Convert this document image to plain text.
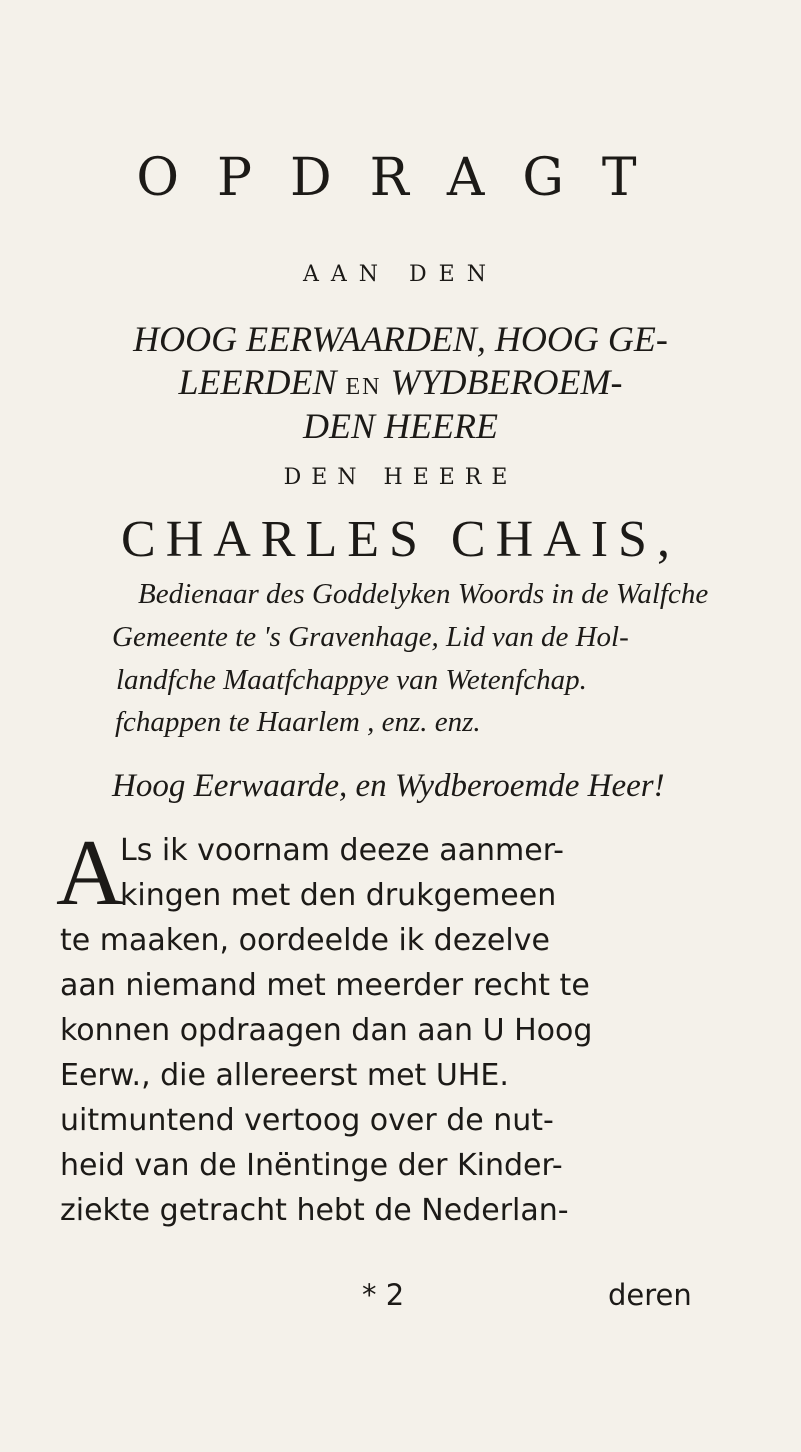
OPDRAGT
AAN DEN
HOOG EERWAARDEN, HOOG GE-
LEERDEN EN WYDBEROEM-
DEN HEERE
DEN HEERE
CHARLES CHAIS,
Bedienaar des Goddelyken Woords in de Walfche
Gemeente te 's Gravenhage, Lid van de Hol-
landfche Maatfchappye van Wetenfchap.
fchappen te Haarlem , enz. enz.
Hoog Eerwaarde, en Wydberoemde Heer!
A
Ls ik voornam deeze aanmer-
kingen met den drukgemeen
te maaken, oordeelde ik dezelve
aan niemand met meerder recht te
konnen opdraagen dan aan U Hoog
Eerw., die allereerst met UHE.
uitmuntend vertoog over de nut-
heid van de Inëntinge der Kinder-
ziekte getracht hebt de Nederlan-
* 2	deren
